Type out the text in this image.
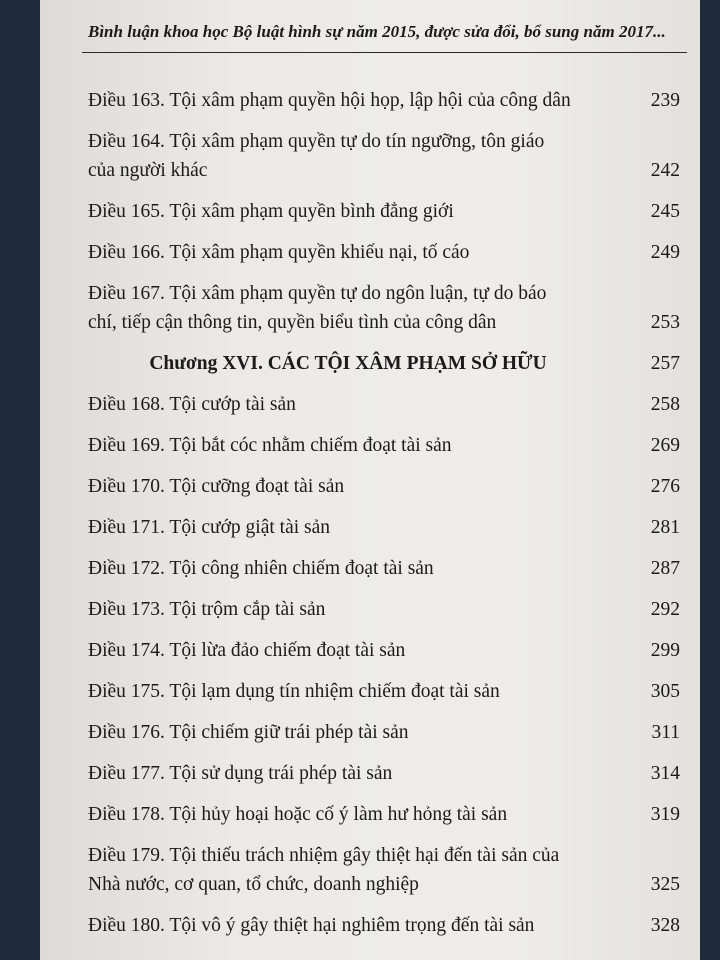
Bình luận khoa học Bộ luật hình sự năm 2015, được sửa đổi, bổ sung năm 2017...
Điều 163. Tội xâm phạm quyền hội họp, lập hội của công dân	239
Điều 164. Tội xâm phạm quyền tự do tín ngưỡng, tôn giáo
của người khác	242
Điều 165. Tội xâm phạm quyền bình đẳng giới	245
Điều 166. Tội xâm phạm quyền khiếu nại, tố cáo	249
Điều 167. Tội xâm phạm quyền tự do ngôn luận, tự do báo
chí, tiếp cận thông tin, quyền biểu tình của công dân	253
Chương XVI. CÁC TỘI XÂM PHẠM SỞ HỮU	257
Điều 168. Tội cướp tài sản	258
Điều 169. Tội bắt cóc nhằm chiếm đoạt tài sản	269
Điều 170. Tội cưỡng đoạt tài sản	276
Điều 171. Tội cướp giật tài sản	281
Điều 172. Tội công nhiên chiếm đoạt tài sản	287
Điều 173. Tội trộm cắp tài sản	292
Điều 174. Tội lừa đảo chiếm đoạt tài sản	299
Điều 175. Tội lạm dụng tín nhiệm chiếm đoạt tài sản	305
Điều 176. Tội chiếm giữ trái phép tài sản	311
Điều 177. Tội sử dụng trái phép tài sản	314
Điều 178. Tội hủy hoại hoặc cố ý làm hư hỏng tài sản	319
Điều 179. Tội thiếu trách nhiệm gây thiệt hại đến tài sản của
Nhà nước, cơ quan, tổ chức, doanh nghiệp	325
Điều 180. Tội vô ý gây thiệt hại nghiêm trọng đến tài sản	328
